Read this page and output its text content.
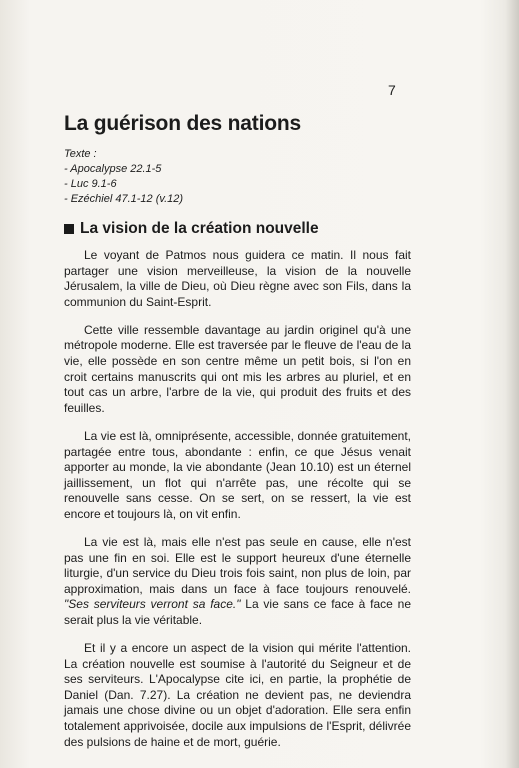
7
La guérison des nations
Texte :
- Apocalypse 22.1-5
- Luc 9.1-6
- Ezéchiel 47.1-12 (v.12)
La vision de la création nouvelle

Le voyant de Patmos nous guidera ce matin. Il nous fait partager une vision merveilleuse, la vision de la nouvelle Jérusalem, la ville de Dieu, où Dieu règne avec son Fils, dans la communion du Saint-Esprit.

Cette ville ressemble davantage au jardin originel qu'à une métropole moderne. Elle est traversée par le fleuve de l'eau de la vie, elle possède en son centre même un petit bois, si l'on en croit certains manuscrits qui ont mis les arbres au pluriel, et en tout cas un arbre, l'arbre de la vie, qui produit des fruits et des feuilles.

La vie est là, omniprésente, accessible, donnée gratuitement, partagée entre tous, abondante : enfin, ce que Jésus venait apporter au monde, la vie abondante (Jean 10.10) est un éternel jaillissement, un flot qui n'arrête pas, une récolte qui se renouvelle sans cesse. On se sert, on se ressert, la vie est encore et toujours là, on vit enfin.

La vie est là, mais elle n'est pas seule en cause, elle n'est pas une fin en soi. Elle est le support heureux d'une éternelle liturgie, d'un service du Dieu trois fois saint, non plus de loin, par approximation, mais dans un face à face toujours renouvelé. "Ses serviteurs verront sa face." La vie sans ce face à face ne serait plus la vie véritable.

Et il y a encore un aspect de la vision qui mérite l'attention. La création nouvelle est soumise à l'autorité du Seigneur et de ses serviteurs. L'Apocalypse cite ici, en partie, la prophétie de Daniel (Dan. 7.27). La création ne devient pas, ne deviendra jamais une chose divine ou un objet d'adoration. Elle sera enfin totalement apprivoisée, docile aux impulsions de l'Esprit, délivrée des pulsions de haine et de mort, guérie.
